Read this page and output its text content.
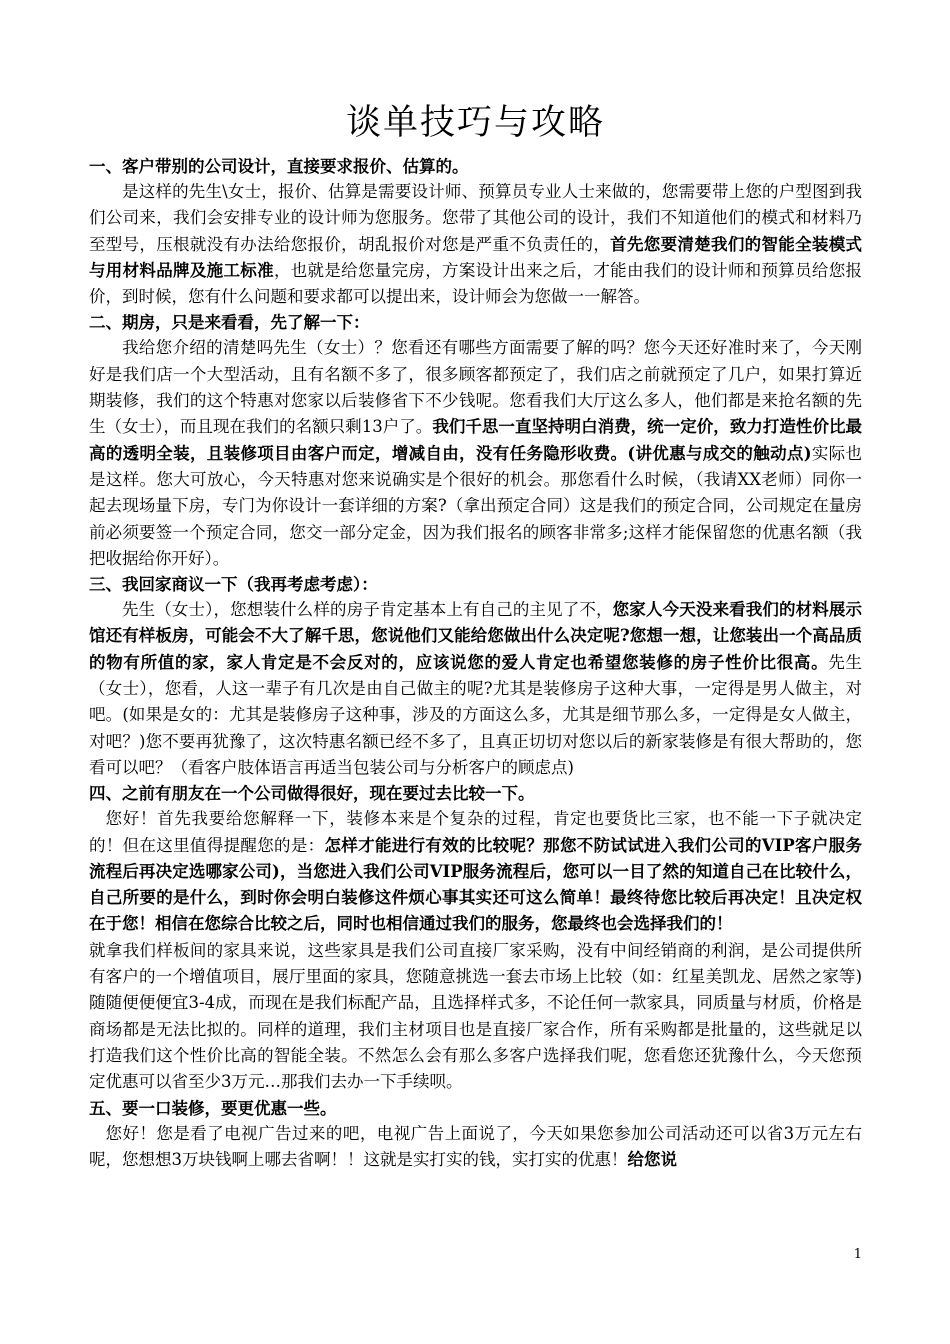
谈单技巧与攻略

一、客户带别的公司设计，直接要求报价、估算的。

是这样的先生\女士，报价、估算是需要设计师、预算员专业人士来做的，您需要带上您的户型图到我们公司来，我们会安排专业的设计师为您服务。您带了其他公司的设计，我们不知道他们的模式和材料乃至型号，压根就没有办法给您报价，胡乱报价对您是严重不负责任的，首先您要清楚我们的智能全装模式与用材料品牌及施工标准，也就是给您量完房，方案设计出来之后，才能由我们的设计师和预算员给您报价，到时候，您有什么问题和要求都可以提出来，设计师会为您做一一解答。

二、期房，只是来看看，先了解一下：

我给您介绍的清楚吗先生（女士）？您看还有哪些方面需要了解的吗？您今天还好准时来了，今天刚好是我们店一个大型活动，且有名额不多了，很多顾客都预定了，我们店之前就预定了几户，如果打算近期装修，我们的这个特惠对您家以后装修省下不少钱呢。您看我们大厅这么多人，他们都是来抢名额的先生（女士），而且现在我们的名额只剩13户了。我们千思一直坚持明白消费，统一定价，致力打造性价比最高的透明全装，且装修项目由客户而定，增减自由，没有任务隐形收费。(讲优惠与成交的触动点)实际也是这样。您大可放心，今天特惠对您来说确实是个很好的机会。那您看什么时候，（我请XX老师）同你一起去现场量下房，专门为你设计一套详细的方案?（拿出预定合同）这是我们的预定合同，公司规定在量房前必须要签一个预定合同，您交一部分定金，因为我们报名的顾客非常多;这样才能保留您的优惠名额（我把收据给你开好）。

三、我回家商议一下（我再考虑考虑）：

先生（女士），您想装什么样的房子肯定基本上有自己的主见了不，您家人今天没来看我们的材料展示馆还有样板房，可能会不大了解千思，您说他们又能给您做出什么决定呢?您想一想，让您装出一个高品质的物有所值的家，家人肯定是不会反对的，应该说您的爱人肯定也希望您装修的房子性价比很高。先生（女士），您看，人这一辈子有几次是由自己做主的呢?尤其是装修房子这种大事，一定得是男人做主，对吧。(如果是女的：尤其是装修房子这种事，涉及的方面这么多，尤其是细节那么多，一定得是女人做主，对吧？)您不要再犹豫了，这次特惠名额已经不多了，且真正切切对您以后的新家装修是有很大帮助的，您看可以吧？（看客户肢体语言再适当包装公司与分析客户的顾虑点)

四、之前有朋友在一个公司做得很好，现在要过去比较一下。

您好！首先我要给您解释一下，装修本来是个复杂的过程，肯定也要货比三家，也不能一下子就决定的！但在这里值得提醒您的是：怎样才能进行有效的比较呢？那您不防试试进入我们公司的VIP客户服务流程后再决定选哪家公司)，当您进入我们公司VIP服务流程后，您可以一目了然的知道自己在比较什么，自己所要的是什么，到时你会明白装修这件烦心事其实还可这么简单！最终待您比较后再决定！且决定权在于您！相信在您综合比较之后，同时也相信通过我们的服务，您最终也会选择我们的！

就拿我们样板间的家具来说，这些家具是我们公司直接厂家采购，没有中间经销商的利润，是公司提供所有客户的一个增值项目，展厅里面的家具，您随意挑选一套去市场上比较（如：红星美凯龙、居然之家等)随随便便便宜3-4成，而现在是我们标配产品，且选择样式多，不论任何一款家具，同质量与材质，价格是商场都是无法比拟的。同样的道理，我们主材项目也是直接厂家合作，所有采购都是批量的，这些就足以打造我们这个性价比高的智能全装。不然怎么会有那么多客户选择我们呢，您看您还犹豫什么，今天您预定优惠可以省至少3万元…那我们去办一下手续呗。

五、要一口装修，要更优惠一些。

您好！您是看了电视广告过来的吧，电视广告上面说了，今天如果您参加公司活动还可以省3万元左右呢，您想想3万块钱啊上哪去省啊！！这就是实打实的钱，实打实的优惠！给您说

1
